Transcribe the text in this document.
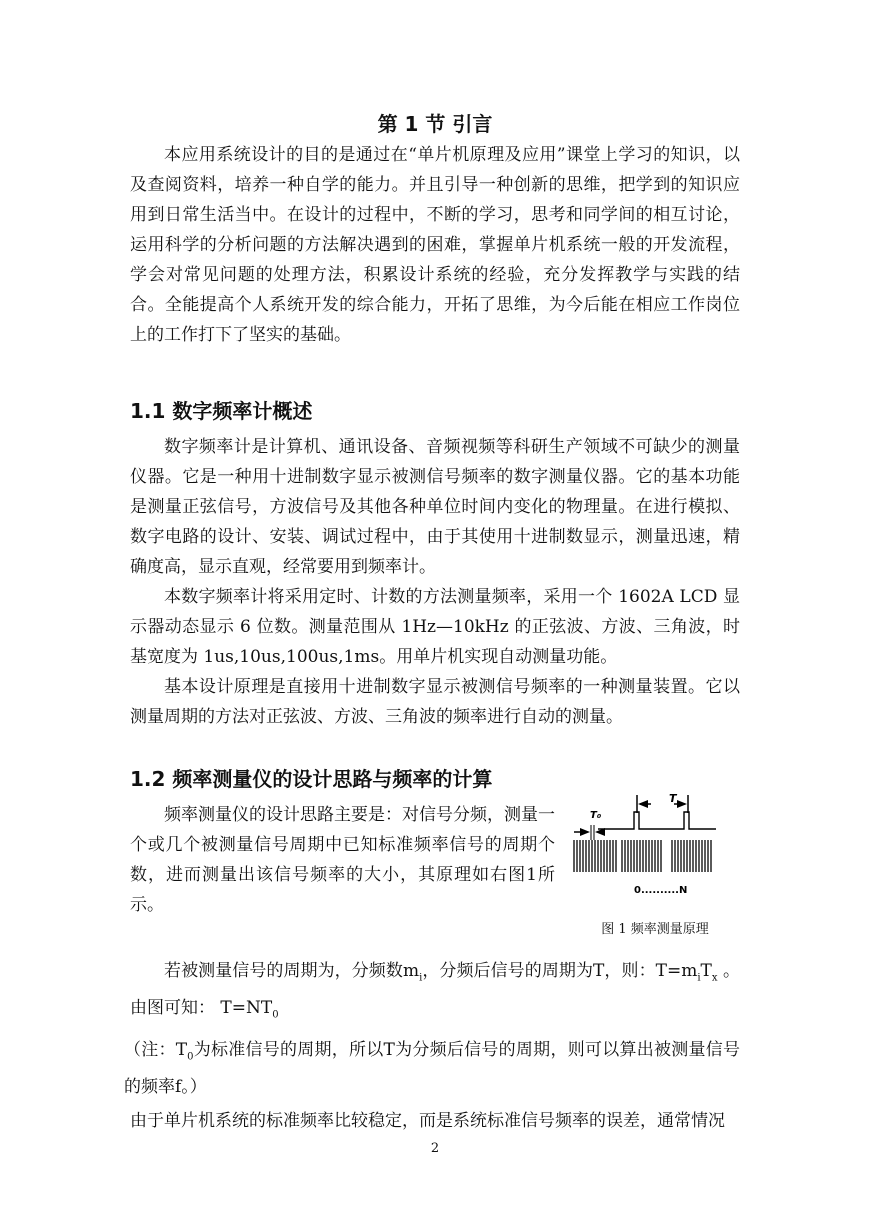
第 1 节 引言

本应用系统设计的目的是通过在“单片机原理及应用”课堂上学习的知识，以及查阅资料，培养一种自学的能力。并且引导一种创新的思维，把学到的知识应用到日常生活当中。在设计的过程中，不断的学习，思考和同学间的相互讨论，运用科学的分析问题的方法解决遇到的困难，掌握单片机系统一般的开发流程，学会对常见问题的处理方法，积累设计系统的经验，充分发挥教学与实践的结合。全能提高个人系统开发的综合能力，开拓了思维，为今后能在相应工作岗位上的工作打下了坚实的基础。

1.1 数字频率计概述

数字频率计是计算机、通讯设备、音频视频等科研生产领域不可缺少的测量仪器。它是一种用十进制数字显示被测信号频率的数字测量仪器。它的基本功能是测量正弦信号，方波信号及其他各种单位时间内变化的物理量。在进行模拟、数字电路的设计、安装、调试过程中，由于其使用十进制数显示，测量迅速，精确度高，显示直观，经常要用到频率计。

本数字频率计将采用定时、计数的方法测量频率，采用一个 1602A LCD 显示器动态显示 6 位数。测量范围从 1Hz—10kHz 的正弦波、方波、三角波，时基宽度为 1us,10us,100us,1ms。用单片机实现自动测量功能。

基本设计原理是直接用十进制数字显示被测信号频率的一种测量装置。它以测量周期的方法对正弦波、方波、三角波的频率进行自动的测量。

1.2 频率测量仪的设计思路与频率的计算

频率测量仪的设计思路主要是：对信号分频，测量一个或几个被测量信号周期中已知标准频率信号的周期个数，进而测量出该信号频率的大小，其原理如右图1所示。

T
T₀
0..........N
图 1 频率测量原理

若被测量信号的周期为，分频数$m_i$，分频后信号的周期为T，则：$T=m_iT_x$ 。由图可知： $T=NT_0$

（注：$T_0$为标准信号的周期，所以T为分频后信号的周期，则可以算出被测量信号的频率f。）

由于单片机系统的标准频率比较稳定，而是系统标准信号频率的误差，通常情况

2
